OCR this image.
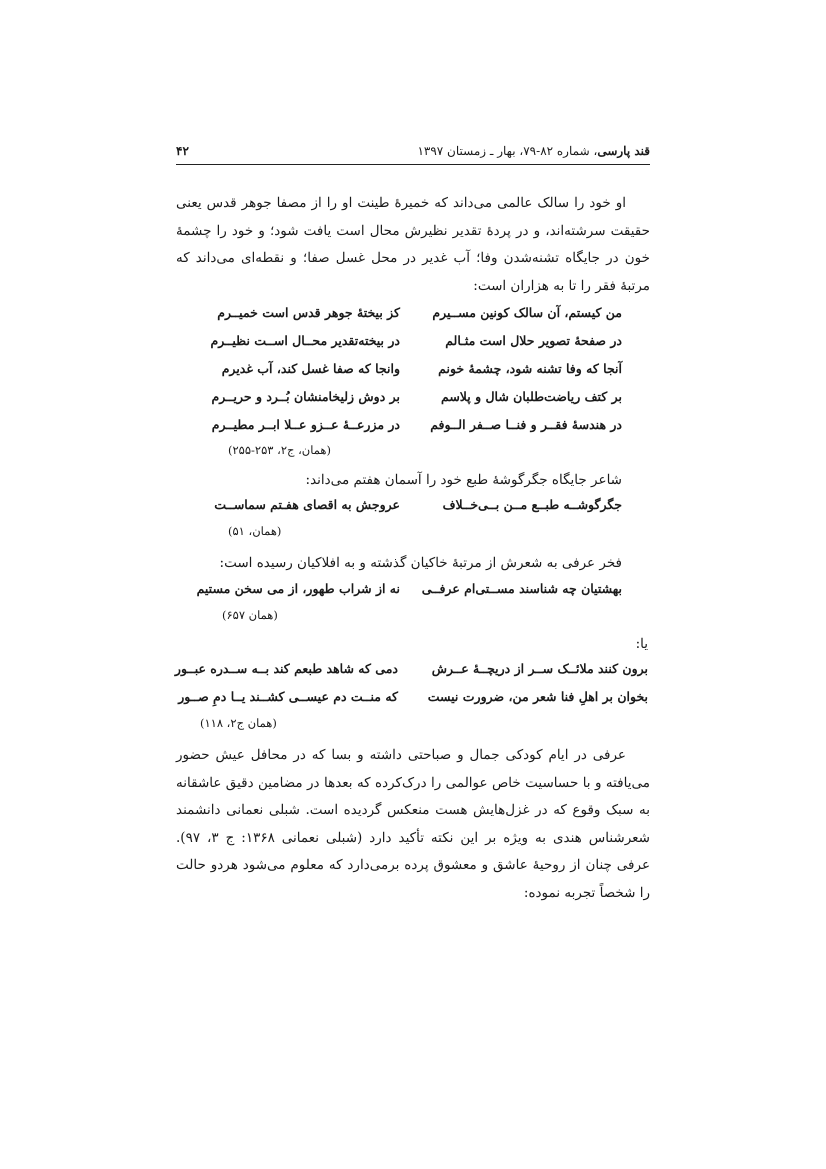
قند پارسی، شماره ۸۲-۷۹، بهار ـ زمستان ۱۳۹۷
۴۲
او خود را سالک عالمی می‌داند که خمیرهٔ طینت او را از مصفا جوهر قدس یعنی حقیقت سرشته‌اند، و در پردهٔ تقدیر نظیرش محال است یافت شود؛ و خود را چشمهٔ خون در جایگاه تشنه‌شدن وفا؛ آب غدیر در محل غسل صفا؛ و نقطه‌ای می‌داند که مرتبهٔ فقر را تا به هزاران است:
من کیستم، آن سالک کونین مســیرم
کز بیختهٔ جوهر قدس است خمیــرم
در صفحهٔ تصویر حلال است مثـالم
در بیخته‌تقدیر محــال اســت نظیــرم
آنجا که وفا تشنه شود، چشمهٔ خونم
وانجا که صفا غسل کند، آب غدیرم
بر کتف ریاضت‌طلبان شال و پلاسم
بر دوش زلیخامنشان بُــرد و حریــرم
در هندسهٔ فقــر و فنــا صــفر الــوفم
در مزرعــهٔ عــزو عــلا ابــر مطیــرم
(همان، ج۲، ۲۵۳-۲۵۵)
شاعر جایگاه جگرگوشهٔ طبع خود را آسمان هفتم می‌داند:
جگرگوشــه طبــع مــن بــی‌خــلاف
عروجش به اقصای هفـتم سماســت
(همان، ۵۱)
فخر عرفی به شعرش از مرتبهٔ خاکیان گذشته و به افلاکیان رسیده است:
بهشتیان چه شناسند مســتی‌ام عرفــی
نه از شراب طهور، از می سخن مستیم
(همان ۶۵۷)
یا:
برون کنند ملائــک ســر از دریچــهٔ عــرش
دمی که شاهد طبعم کند بــه ســدره عبــور
بخوان بر اهلِ فنا شعر من، ضرورت نیست
که منــت دم عیســی کشــند یــا دمِ صــور
(همان ج۲، ۱۱۸)
عرفی در ایام کودکی جمال و صباحتی داشته و بسا که در محافل عیش حضور می‌یافته و با حساسیت خاص عوالمی را درک‌کرده که بعدها در مضامین دقیق عاشقانه به سبک وقوع که در غزل‌هایش هست منعکس گردیده است. شبلی نعمانی دانشمند شعرشناس هندی به ویژه بر این نکته تأکید دارد (شبلی نعمانی ۱۳۶۸: ج ۳، ۹۷). عرفی چنان از روحیهٔ عاشق و معشوق پرده برمی‌دارد که معلوم می‌شود هردو حالت را شخصاً تجربه نموده:
